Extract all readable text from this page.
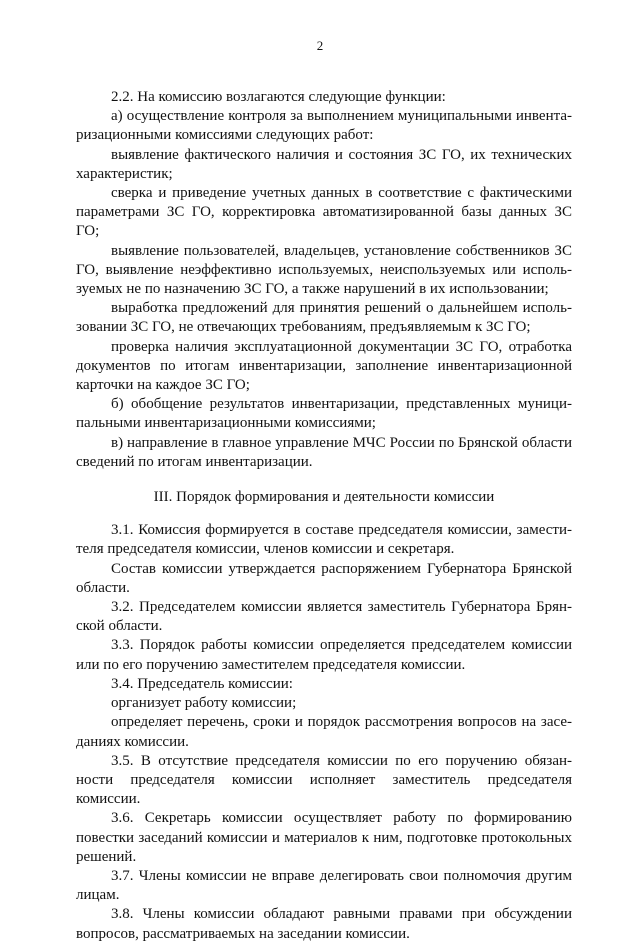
2

2.2. На комиссию возлагаются следующие функции:

а) осуществление контроля за выполнением муниципальными инвентаризационными комиссиями следующих работ:

выявление фактического наличия и состояния ЗС ГО, их технических характеристик;

сверка и приведение учетных данных в соответствие с фактическими параметрами ЗС ГО, корректировка автоматизированной базы данных ЗС ГО;

выявление пользователей, владельцев, установление собственников ЗС ГО, выявление неэффективно используемых, неиспользуемых или используемых не по назначению ЗС ГО, а также нарушений в их использовании;

выработка предложений для принятия решений о дальнейшем использовании ЗС ГО, не отвечающих требованиям, предъявляемым к ЗС ГО;

проверка наличия эксплуатационной документации ЗС ГО, отработка документов по итогам инвентаризации, заполнение инвентаризационной карточки на каждое ЗС ГО;

б) обобщение результатов инвентаризации, представленных муниципальными инвентаризационными комиссиями;

в) направление в главное управление МЧС России по Брянской области сведений по итогам инвентаризации.

III. Порядок формирования и деятельности комиссии

3.1. Комиссия формируется в составе председателя комиссии, заместителя председателя комиссии, членов комиссии и секретаря.

Состав комиссии утверждается распоряжением Губернатора Брянской области.

3.2. Председателем комиссии является заместитель Губернатора Брянской области.

3.3. Порядок работы комиссии определяется председателем комиссии или по его поручению заместителем председателя комиссии.

3.4. Председатель комиссии:

организует работу комиссии;

определяет перечень, сроки и порядок рассмотрения вопросов на заседаниях комиссии.

3.5. В отсутствие председателя комиссии по его поручению обязанности председателя комиссии исполняет заместитель председателя комиссии.

3.6. Секретарь комиссии осуществляет работу по формированию повестки заседаний комиссии и материалов к ним, подготовке протокольных решений.

3.7. Члены комиссии не вправе делегировать свои полномочия другим лицам.

3.8. Члены комиссии обладают равными правами при обсуждении вопросов, рассматриваемых на заседании комиссии.
